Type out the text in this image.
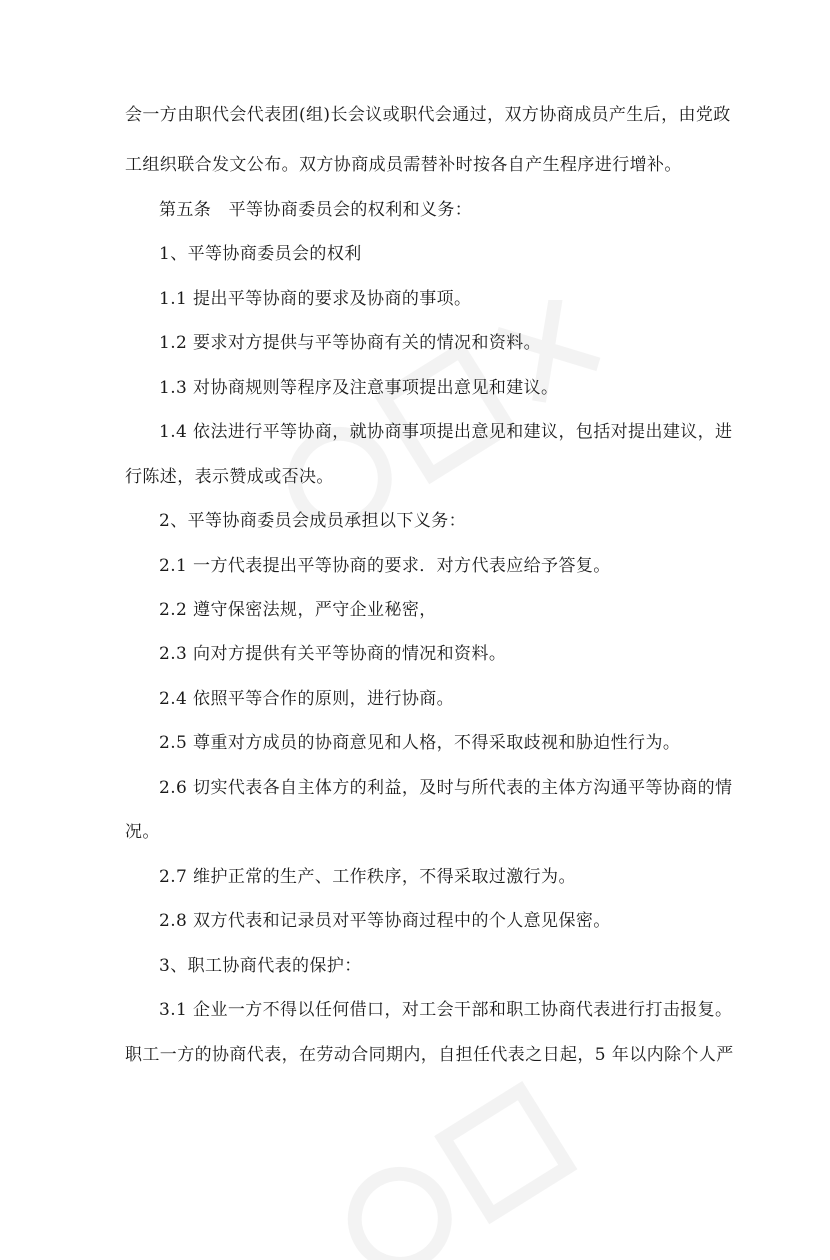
会一方由职代会代表团(组)长会议或职代会通过，双方协商成员产生后，由党政
工组织联合发文公布。双方协商成员需替补时按各自产生程序进行增补。
第五条　平等协商委员会的权利和义务：
1、平等协商委员会的权利
1.1 提出平等协商的要求及协商的事项。
1.2 要求对方提供与平等协商有关的情况和资料。
1.3 对协商规则等程序及注意事项提出意见和建议。
1.4 依法进行平等协商，就协商事项提出意见和建议，包括对提出建议，进
行陈述，表示赞成或否决。
2、平等协商委员会成员承担以下义务：
2.1 一方代表提出平等协商的要求．对方代表应给予答复。
2.2 遵守保密法规，严守企业秘密，
2.3 向对方提供有关平等协商的情况和资料。
2.4 依照平等合作的原则，进行协商。
2.5 尊重对方成员的协商意见和人格，不得采取歧视和胁迫性行为。
2.6 切实代表各自主体方的利益，及时与所代表的主体方沟通平等协商的情
况。
2.7 维护正常的生产、工作秩序，不得采取过激行为。
2.8 双方代表和记录员对平等协商过程中的个人意见保密。
3、职工协商代表的保护：
3.1 企业一方不得以任何借口，对工会干部和职工协商代表进行打击报复。
职工一方的协商代表，在劳动合同期内，自担任代表之日起，5 年以内除个人严
